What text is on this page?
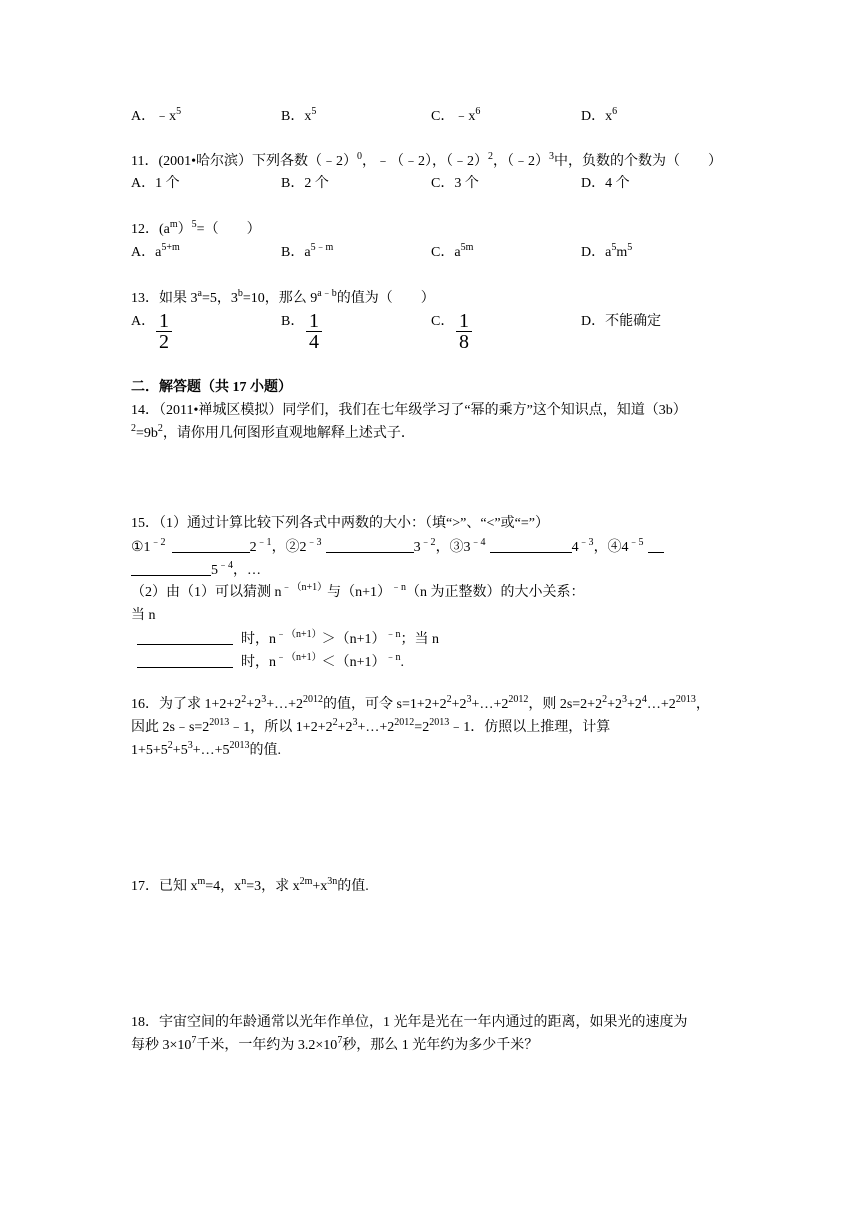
A．$﹣x^5$	B．$x^5$	C．$﹣x^6$	D．$x^6$
11．(2001•哈尔滨）下列各数（﹣2）$^0$，﹣（﹣2），（﹣2）$^2$，（﹣2）$^3$中，负数的个数为（　　）
A．1 个	B．2 个	C．3 个	D．4 个
12．$(a^m)^5=$（　　）
A．$a^{5+m}$	B．$a^{5﹣m}$	C．$a^{5m}$	D．$a^5m^5$
13．如果 $3^a=5$，$3^b=10$，那么 $9^{a﹣b}$的值为（　　）
A． $\frac{1}{2}$	B． $\frac{1}{4}$	C． $\frac{1}{8}$	D．不能确定
二．解答题（共 17 小题）
14．（2011•禅城区模拟）同学们，我们在七年级学习了“幂的乘方”这个知识点，知道（3b）
$^2=9b^2$，请你用几何图形直观地解释上述式子．
15．（1）通过计算比较下列各式中两数的大小：（填“>”、“<”或“=”）
$①1^{﹣2}$	$2^{﹣1}$，$②2^{﹣3}$	$3^{﹣2}$，$③3^{﹣4}$	$4^{﹣3}$，$④4^{﹣5}$
$5^{﹣4}$，…
（2）由（1）可以猜测 $n^{﹣(n+1)}$与$(n+1)^{﹣n}(n$ 为正整数）的大小关系：
当 n
时，$n^{﹣(n+1)}>(n+1)^{﹣n}$；当 n
时，$n^{﹣(n+1)}<(n+1)^{﹣n}$.
16．为了求 $1+2+2^2+2^3+\dots+2^{2012}$的值，可令 $s=1+2+2^2+2^3+\dots+2^{2012}$，则 $2s=2+2^2+2^3+2^4\dots+2^{2013}$，
因此 $2s﹣s=2^{2013}﹣1$，所以 $1+2+2^2+2^3+\dots+2^{2012}=2^{2013}﹣1$．仿照以上推理，计算
$1+5+5^2+5^3+\dots+5^{2013}$的值.
17．已知 $x^m=4$，$x^n=3$，求 $x^{2m}+x^{3n}$的值.
18．宇宙空间的年龄通常以光年作单位，1 光年是光在一年内通过的距离，如果光的速度为
每秒 $3\times 10^7$千米，一年约为 $3.2\times 10^7$秒，那么 1 光年约为多少千米？
